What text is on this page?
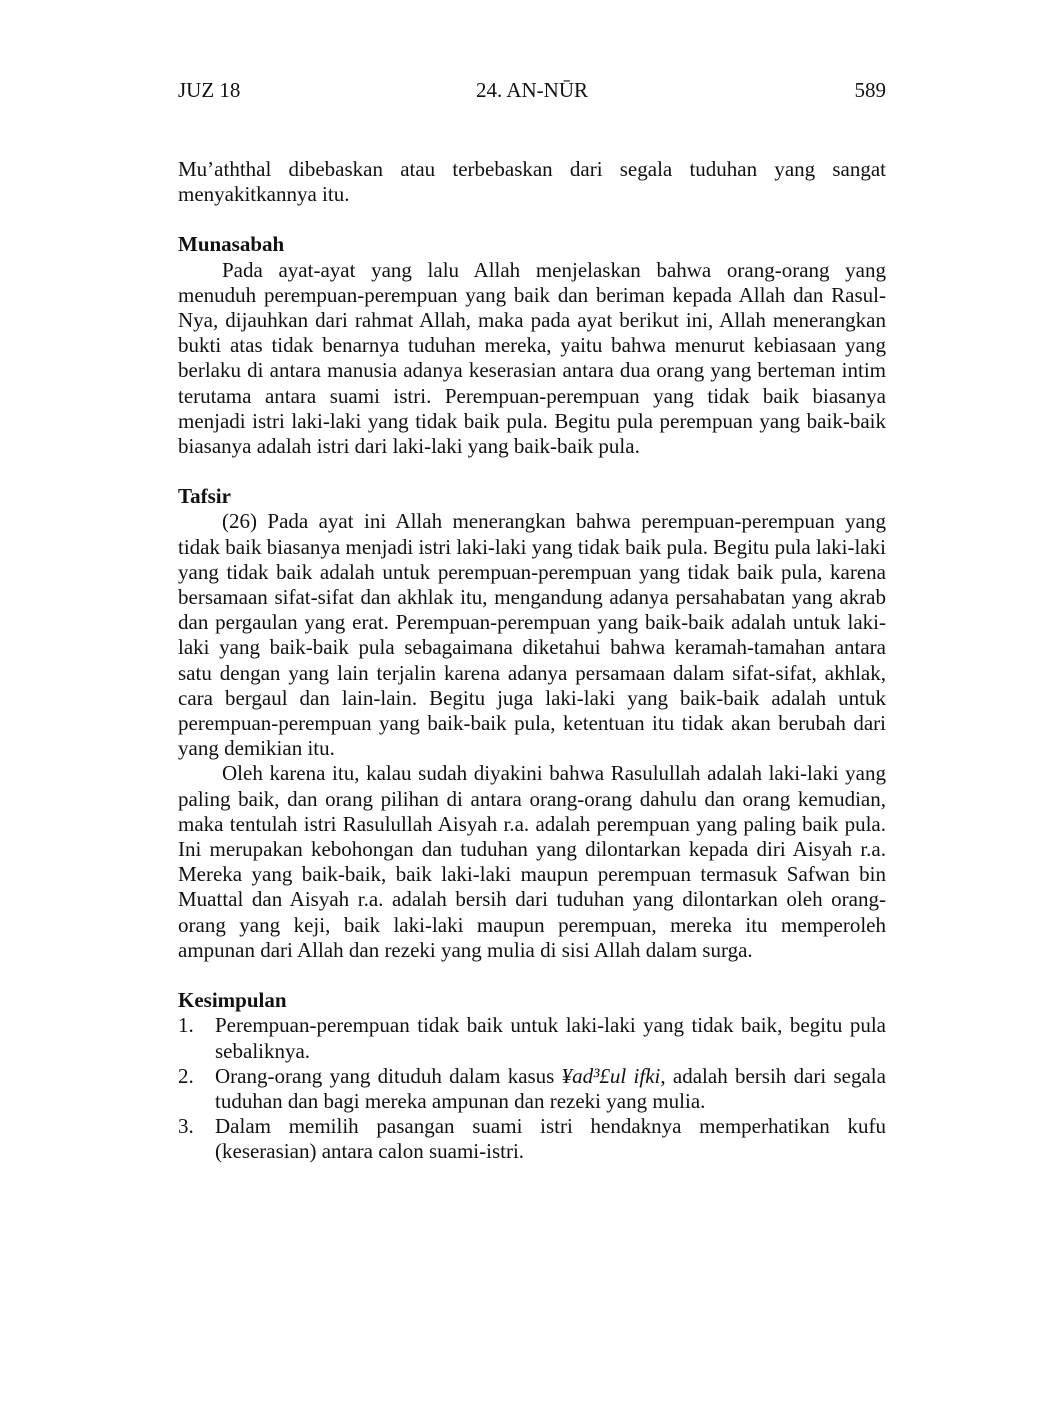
JUZ 18	24. AN-NŪR	589

Mu’aththal dibebaskan atau terbebaskan dari segala tuduhan yang sangat menyakitkannya itu.

Munasabah

Pada ayat-ayat yang lalu Allah menjelaskan bahwa orang-orang yang menuduh perempuan-perempuan yang baik dan beriman kepada Allah dan Rasul-Nya, dijauhkan dari rahmat Allah, maka pada ayat berikut ini, Allah menerangkan bukti atas tidak benarnya tuduhan mereka, yaitu bahwa menurut kebiasaan yang berlaku di antara manusia adanya keserasian antara dua orang yang berteman intim terutama antara suami istri. Perempuan-perempuan yang tidak baik biasanya menjadi istri laki-laki yang tidak baik pula. Begitu pula perempuan yang baik-baik biasanya adalah istri dari laki-laki yang baik-baik pula.

Tafsir

(26) Pada ayat ini Allah menerangkan bahwa perempuan-perempuan yang tidak baik biasanya menjadi istri laki-laki yang tidak baik pula. Begitu pula laki-laki yang tidak baik adalah untuk perempuan-perempuan yang tidak baik pula, karena bersamaan sifat-sifat dan akhlak itu, mengandung adanya persahabatan yang akrab dan pergaulan yang erat. Perempuan-perempuan yang baik-baik adalah untuk laki-laki yang baik-baik pula sebagaimana diketahui bahwa keramah-tamahan antara satu dengan yang lain terjalin karena adanya persamaan dalam sifat-sifat, akhlak, cara bergaul dan lain-lain. Begitu juga laki-laki yang baik-baik adalah untuk perempuan-perempuan yang baik-baik pula, ketentuan itu tidak akan berubah dari yang demikian itu.

Oleh karena itu, kalau sudah diyakini bahwa Rasulullah adalah laki-laki yang paling baik, dan orang pilihan di antara orang-orang dahulu dan orang kemudian, maka tentulah istri Rasulullah Aisyah r.a. adalah perempuan yang paling baik pula. Ini merupakan kebohongan dan tuduhan yang dilontarkan kepada diri Aisyah r.a. Mereka yang baik-baik, baik laki-laki maupun perempuan termasuk Safwan bin Muattal dan Aisyah r.a. adalah bersih dari tuduhan yang dilontarkan oleh orang-orang yang keji, baik laki-laki maupun perempuan, mereka itu memperoleh ampunan dari Allah dan rezeki yang mulia di sisi Allah dalam surga.

Kesimpulan
1. Perempuan-perempuan tidak baik untuk laki-laki yang tidak baik, begitu pula sebaliknya.
2. Orang-orang yang dituduh dalam kasus ¥ad³£ul ifki, adalah bersih dari segala tuduhan dan bagi mereka ampunan dan rezeki yang mulia.
3. Dalam memilih pasangan suami istri hendaknya memperhatikan kufu (keserasian) antara calon suami-istri.
